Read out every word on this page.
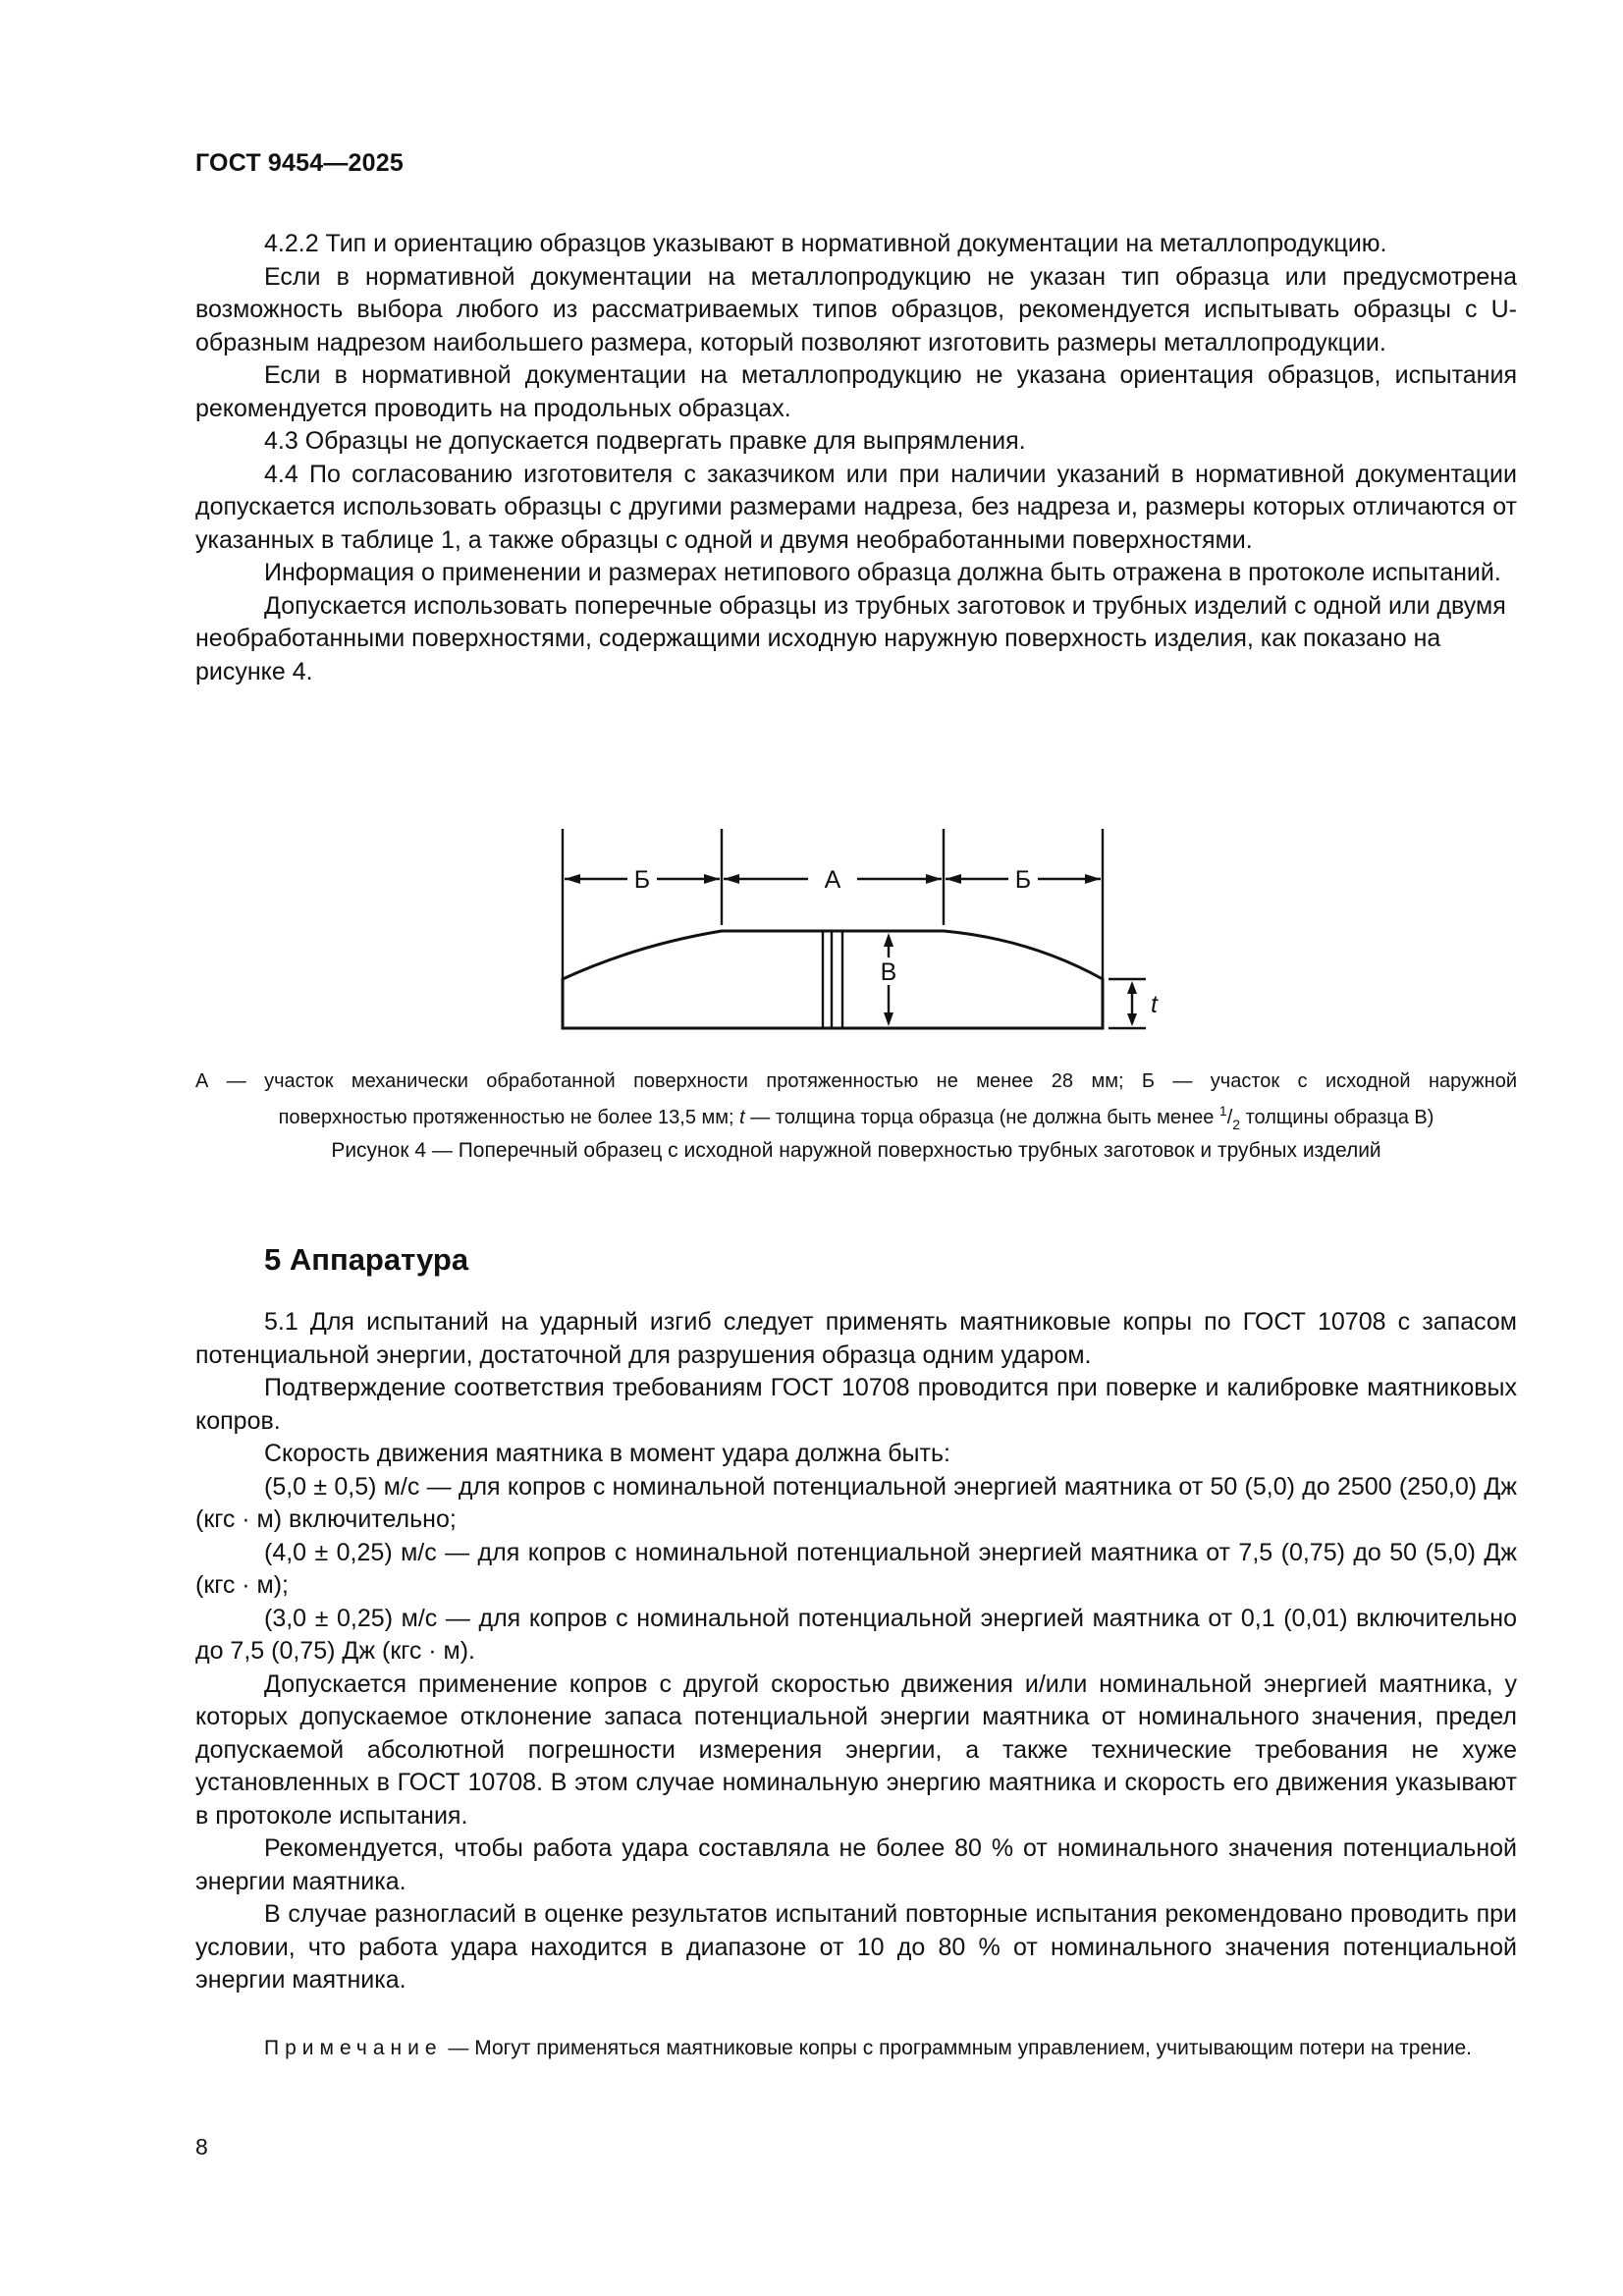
ГОСТ 9454—2025

4.2.2 Тип и ориентацию образцов указывают в нормативной документации на металлопродукцию.

Если в нормативной документации на металлопродукцию не указан тип образца или предусмотрена возможность выбора любого из рассматриваемых типов образцов, рекомендуется испытывать образцы с U-образным надрезом наибольшего размера, который позволяют изготовить размеры металлопродукции.

Если в нормативной документации на металлопродукцию не указана ориентация образцов, испытания рекомендуется проводить на продольных образцах.

4.3 Образцы не допускается подвергать правке для выпрямления.

4.4 По согласованию изготовителя с заказчиком или при наличии указаний в нормативной документации допускается использовать образцы с другими размерами надреза, без надреза и, размеры которых отличаются от указанных в таблице 1, а также образцы с одной и двумя необработанными поверхностями.

Информация о применении и размерах нетипового образца должна быть отражена в протоколе испытаний.

Допускается использовать поперечные образцы из трубных заготовок и трубных изделий с одной или двумя необработанными поверхностями, содержащими исходную наружную поверхность изделия, как показано на рисунке 4.

Б	А	Б
В
t

А — участок механически обработанной поверхности протяженностью не менее 28 мм; Б — участок с исходной наружной
поверхностью протяженностью не более 13,5 мм; t — толщина торца образца (не должна быть менее $^1/_2$ толщины образца В)

Рисунок 4 — Поперечный образец с исходной наружной поверхностью трубных заготовок и трубных изделий
5 Аппаратура

5.1 Для испытаний на ударный изгиб следует применять маятниковые копры по ГОСТ 10708 с запасом потенциальной энергии, достаточной для разрушения образца одним ударом.

Подтверждение соответствия требованиям ГОСТ 10708 проводится при поверке и калибровке маятниковых копров.

Скорость движения маятника в момент удара должна быть:

(5,0 ± 0,5) м/с — для копров с номинальной потенциальной энергией маятника от 50 (5,0) до 2500 (250,0) Дж (кгс · м) включительно;

(4,0 ± 0,25) м/с — для копров с номинальной потенциальной энергией маятника от 7,5 (0,75) до 50 (5,0) Дж (кгс · м);

(3,0 ± 0,25) м/с — для копров с номинальной потенциальной энергией маятника от 0,1 (0,01) включительно до 7,5 (0,75) Дж (кгс · м).

Допускается применение копров с другой скоростью движения и/или номинальной энергией маятника, у которых допускаемое отклонение запаса потенциальной энергии маятника от номинального значения, предел допускаемой абсолютной погрешности измерения энергии, а также технические требования не хуже установленных в ГОСТ 10708. В этом случае номинальную энергию маятника и скорость его движения указывают в протоколе испытания.

Рекомендуется, чтобы работа удара составляла не более 80 % от номинального значения потенциальной энергии маятника.

В случае разногласий в оценке результатов испытаний повторные испытания рекомендовано проводить при условии, что работа удара находится в диапазоне от 10 до 80 % от номинального значения потенциальной энергии маятника.

Примечание — Могут применяться маятниковые копры с программным управлением, учитывающим потери на трение.

8
